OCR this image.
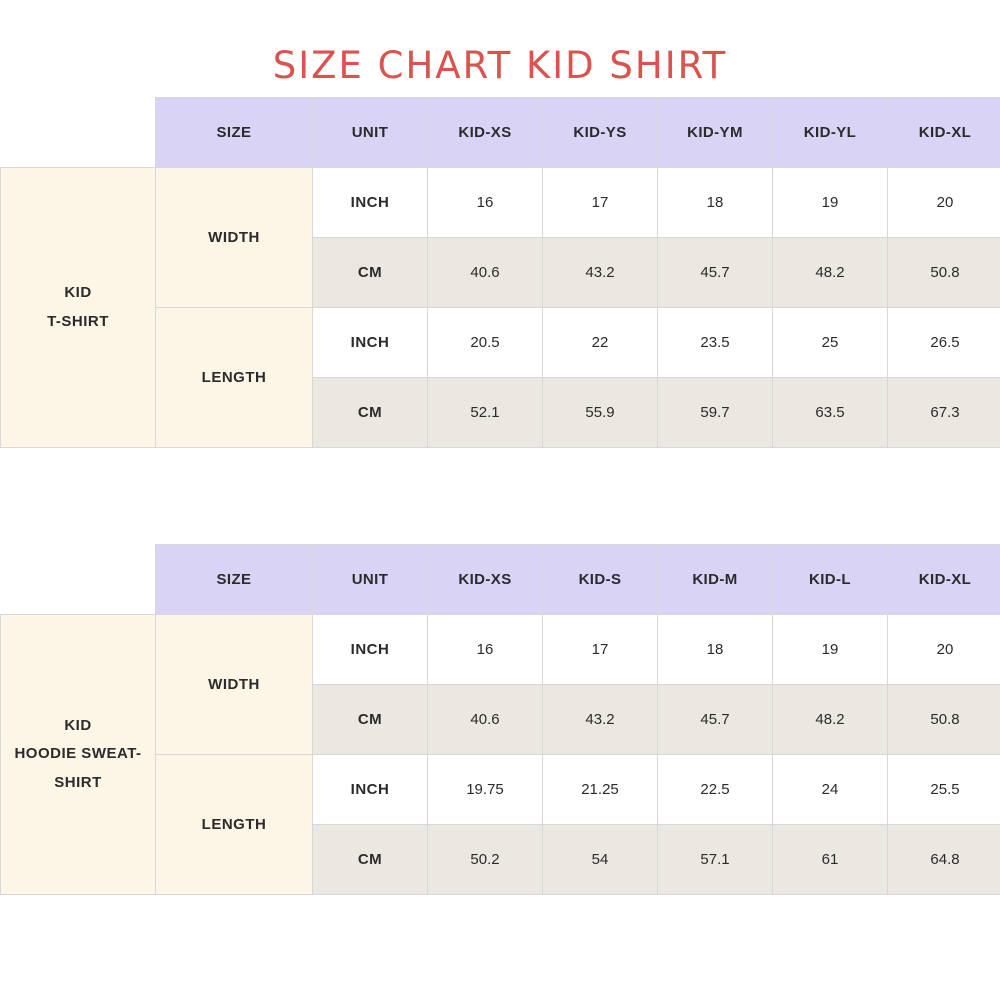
SIZE CHART KID SHIRT
	SIZE	UNIT	KID-XS	KID-YS	KID-YM	KID-YL	KID-XL

KID
T-SHIRT	WIDTH	INCH	16	17	18	19	20
		CM	40.6	43.2	45.7	48.2	50.8
	LENGTH	INCH	20.5	22	23.5	25	26.5
		CM	52.1	55.9	59.7	63.5	67.3
	SIZE	UNIT	KID-XS	KID-S	KID-M	KID-L	KID-XL

KID
HOODIE SWEAT-
SHIRT	WIDTH	INCH	16	17	18	19	20
		CM	40.6	43.2	45.7	48.2	50.8
	LENGTH	INCH	19.75	21.25	22.5	24	25.5
		CM	50.2	54	57.1	61	64.8
